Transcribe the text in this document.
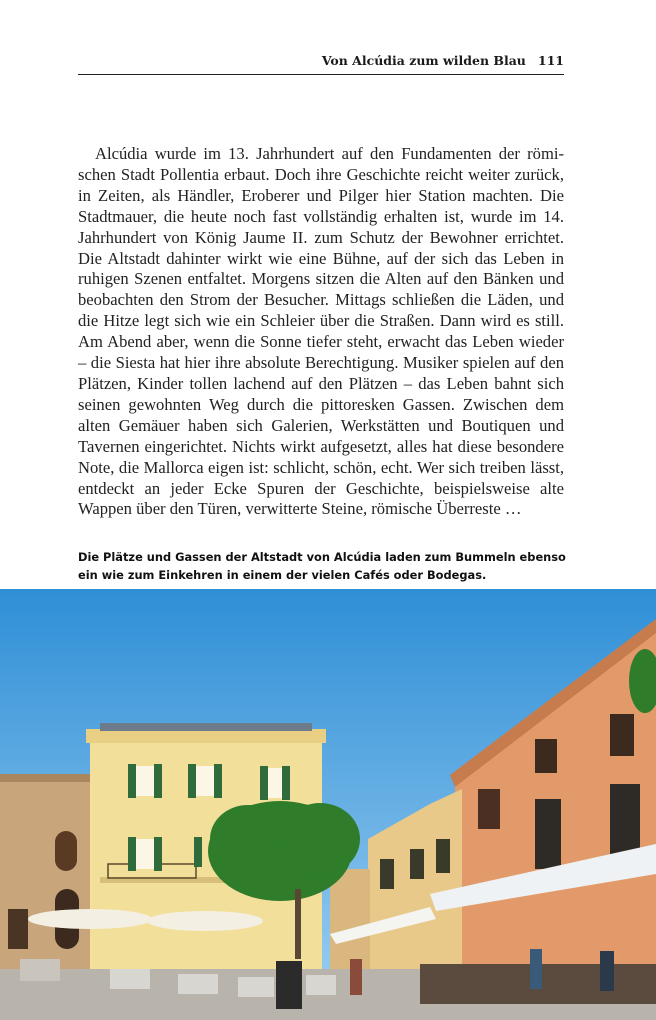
Von Alcúdia zum wilden Blau 111

Alcúdia wurde im 13. Jahrhundert auf den Fundamenten der römischen Stadt Pollentia erbaut. Doch ihre Geschichte reicht weiter zurück, in Zeiten, als Händler, Eroberer und Pilger hier Station machten. Die Stadtmauer, die heute noch fast vollständig erhalten ist, wurde im 14. Jahrhundert von König Jaume II. zum Schutz der Bewohner errichtet. Die Altstadt dahinter wirkt wie eine Bühne, auf der sich das Leben in ruhigen Szenen entfaltet. Morgens sitzen die Alten auf den Bänken und beobachten den Strom der Besucher. Mittags schließen die Läden, und die Hitze legt sich wie ein Schleier über die Straßen. Dann wird es still. Am Abend aber, wenn die Sonne tiefer steht, erwacht das Leben wieder – die Siesta hat hier ihre absolute Berechtigung. Musiker spielen auf den Plätzen, Kinder tollen lachend auf den Plätzen – das Leben bahnt sich seinen gewohnten Weg durch die pittoresken Gassen. Zwischen dem alten Gemäuer haben sich Galerien, Werkstätten und Boutiquen und Tavernen eingerichtet. Nichts wirkt aufgesetzt, alles hat diese besondere Note, die Mallorca eigen ist: schlicht, schön, echt. Wer sich treiben lässt, entdeckt an jeder Ecke Spuren der Geschichte, beispielsweise alte Wappen über den Türen, verwitterte Steine, römische Überreste …

Die Plätze und Gassen der Altstadt von Alcúdia laden zum Bummeln ebenso
ein wie zum Einkehren in einem der vielen Cafés oder Bodegas.
